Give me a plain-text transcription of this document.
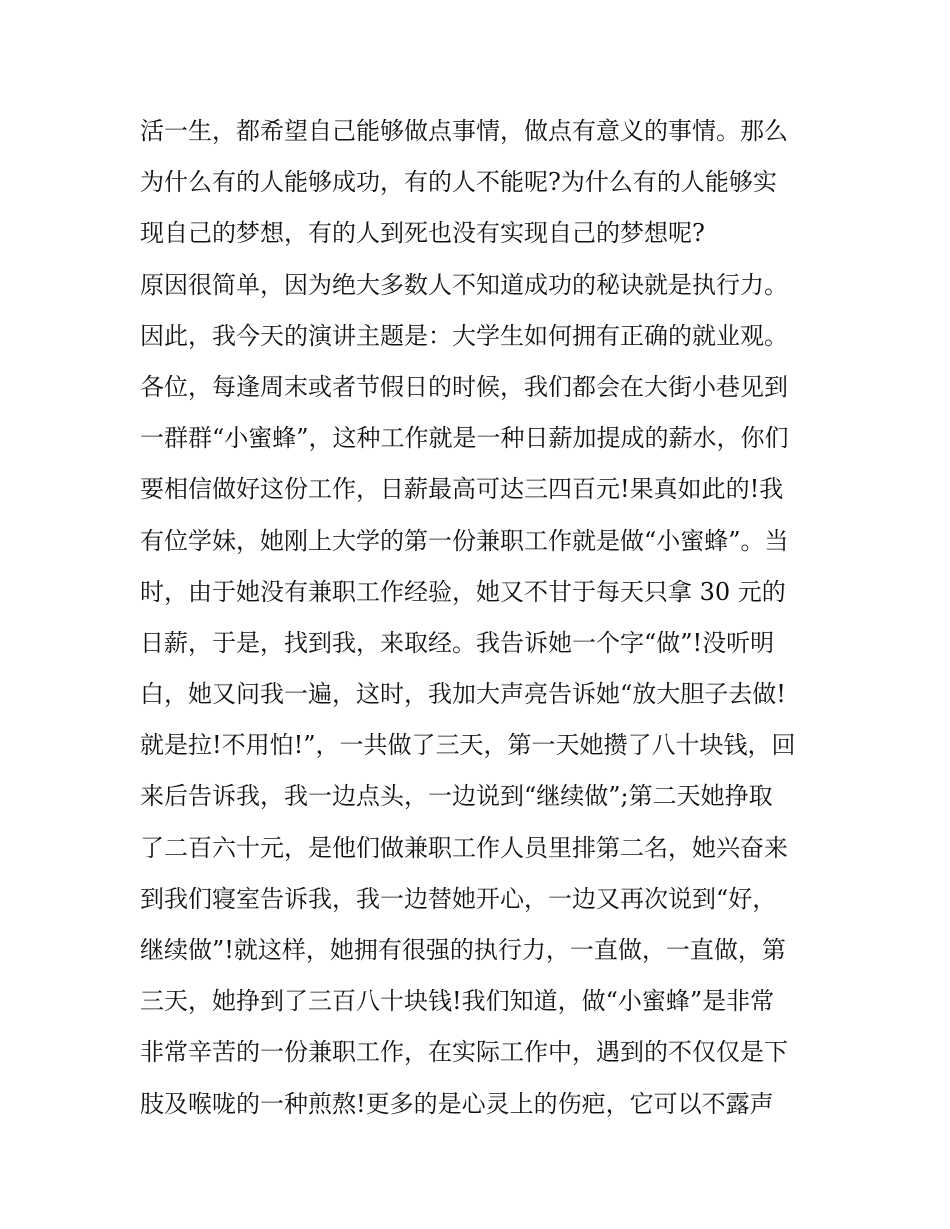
活一生，都希望自己能够做点事情，做点有意义的事情。那么
为什么有的人能够成功，有的人不能呢?为什么有的人能够实
现自己的梦想，有的人到死也没有实现自己的梦想呢?
原因很简单，因为绝大多数人不知道成功的秘诀就是执行力。
因此，我今天的演讲主题是：大学生如何拥有正确的就业观。
各位，每逢周末或者节假日的时候，我们都会在大街小巷见到
一群群“小蜜蜂”，这种工作就是一种日薪加提成的薪水，你们
要相信做好这份工作，日薪最高可达三四百元!果真如此的!我
有位学妹，她刚上大学的第一份兼职工作就是做“小蜜蜂”。当
时，由于她没有兼职工作经验，她又不甘于每天只拿 30 元的
日薪，于是，找到我，来取经。我告诉她一个字“做”!没听明
白，她又问我一遍，这时，我加大声亮告诉她“放大胆子去做!
就是拉!不用怕!”，一共做了三天，第一天她攒了八十块钱，回
来后告诉我，我一边点头，一边说到“继续做”;第二天她挣取
了二百六十元，是他们做兼职工作人员里排第二名，她兴奋来
到我们寝室告诉我，我一边替她开心，一边又再次说到“好，
继续做”!就这样，她拥有很强的执行力，一直做，一直做，第
三天，她挣到了三百八十块钱!我们知道，做“小蜜蜂”是非常
非常辛苦的一份兼职工作，在实际工作中，遇到的不仅仅是下
肢及喉咙的一种煎熬!更多的是心灵上的伤疤，它可以不露声
